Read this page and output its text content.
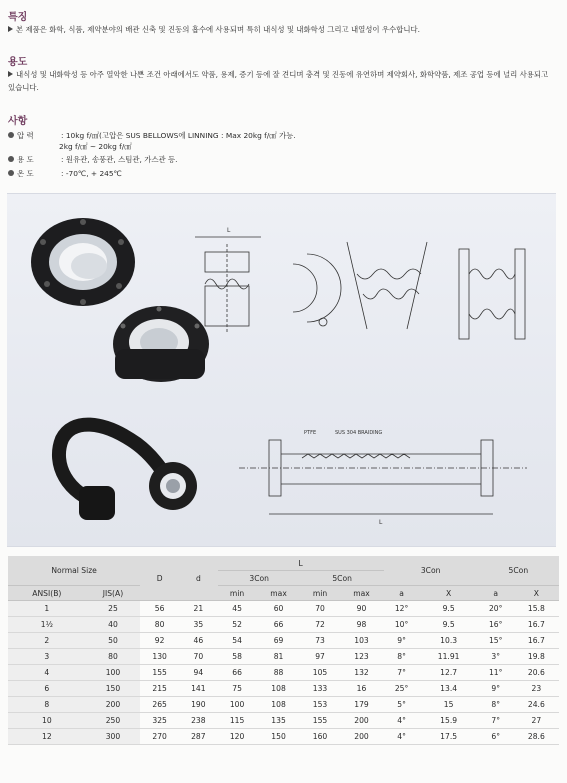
특징
본 제품은 화학, 식품, 제약분야의 배관 신축 및 진동의 흡수에 사용되며 특히 내식성 및 내화학성 그리고 내열성이 우수합니다.
용도
내식성 및 내화학성 등 아주 열악한 나쁜 조건 아래에서도 약품, 용제, 증기 등에 잘 견디며 충격 및 진동에 유연하며 제약회사, 화학약품, 제조 공업 등에 널리 사용되고 있습니다.
사항
압 력	: 10kg f/㎠(고압은 SUS BELLOWS에 LINNING : Max 20kg f/㎠ 가능.
2kg f/㎠ ~ 20kg f/㎠
용 도	: 원유관, 송풍관, 스팀관, 가스관 등.
온 도	: -70℃, + 245℃
L
PTFE	SUS 304 BRAIDING
L
Normal Size		D	d	L				3Con		5Con	
				3Con		5Con					
ANSI(B)	JIS(A)			min	max	min	max	a	X	a	X
1	25	56	21	45	60	70	90	12°	9.5	20°	15.8
1½	40	80	35	52	66	72	98	10°	9.5	16°	16.7
2	50	92	46	54	69	73	103	9°	10.3	15°	16.7
3	80	130	70	58	81	97	123	8°	11.91	3°	19.8
4	100	155	94	66	88	105	132	7°	12.7	11°	20.6
6	150	215	141	75	108	133	16	25°	13.4	9°	23
8	200	265	190	100	108	153	179	5°	15	8°	24.6
10	250	325	238	115	135	155	200	4°	15.9	7°	27
12	300	270	287	120	150	160	200	4°	17.5	6°	28.6
